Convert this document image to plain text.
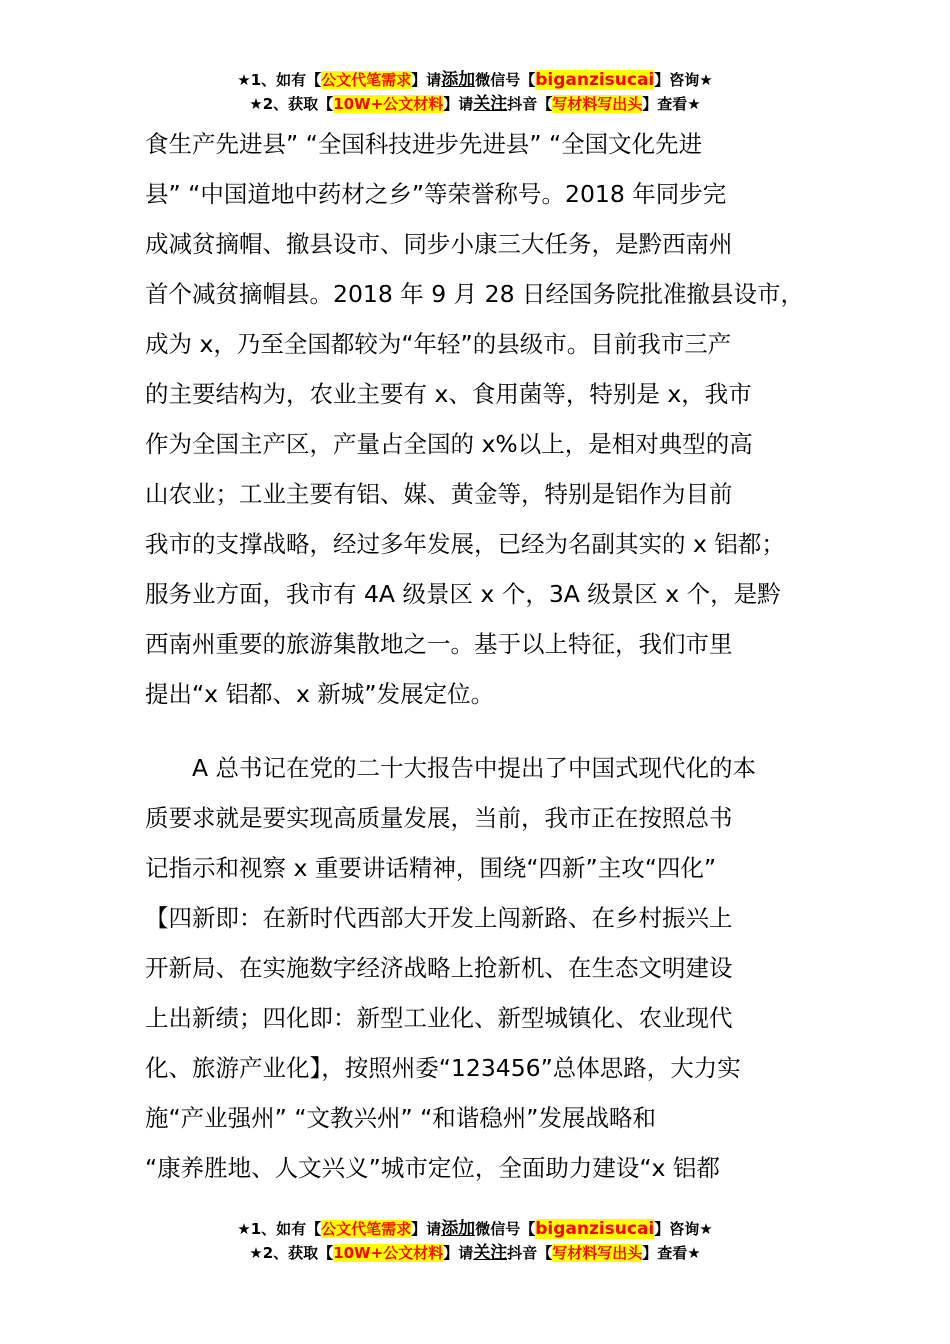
★1、如有【公文代笔需求】请添加微信号【biganzisucai】咨询★
★2、获取【10W+公文材料】请关注抖音【写材料写出头】查看★
食生产先进县” “全国科技进步先进县” “全国文化先进
县” “中国道地中药材之乡”等荣誉称号。2018 年同步完
成减贫摘帽、撤县设市、同步小康三大任务，是黔西南州
首个减贫摘帽县。2018 年 9 月 28 日经国务院批准撤县设市，
成为 x，乃至全国都较为“年轻”的县级市。目前我市三产
的主要结构为，农业主要有 x、食用菌等，特别是 x，我市
作为全国主产区，产量占全国的 x%以上，是相对典型的高
山农业；工业主要有铝、媒、黄金等，特别是铝作为目前
我市的支撑战略，经过多年发展，已经为名副其实的 x 铝都；
服务业方面，我市有 4A 级景区 x 个，3A 级景区 x 个，是黔
西南州重要的旅游集散地之一。基于以上特征，我们市里
提出“x 铝都、x 新城”发展定位。
A 总书记在党的二十大报告中提出了中国式现代化的本
质要求就是要实现高质量发展，当前，我市正在按照总书
记指示和视察 x 重要讲话精神，围绕“四新”主攻“四化”
【四新即：在新时代西部大开发上闯新路、在乡村振兴上
开新局、在实施数字经济战略上抢新机、在生态文明建设
上出新绩；四化即：新型工业化、新型城镇化、农业现代
化、旅游产业化】，按照州委“123456”总体思路，大力实
施“产业强州” “文教兴州” “和谐稳州”发展战略和
“康养胜地、人文兴义”城市定位，全面助力建设“x 铝都
★1、如有【公文代笔需求】请添加微信号【biganzisucai】咨询★
★2、获取【10W+公文材料】请关注抖音【写材料写出头】查看★
